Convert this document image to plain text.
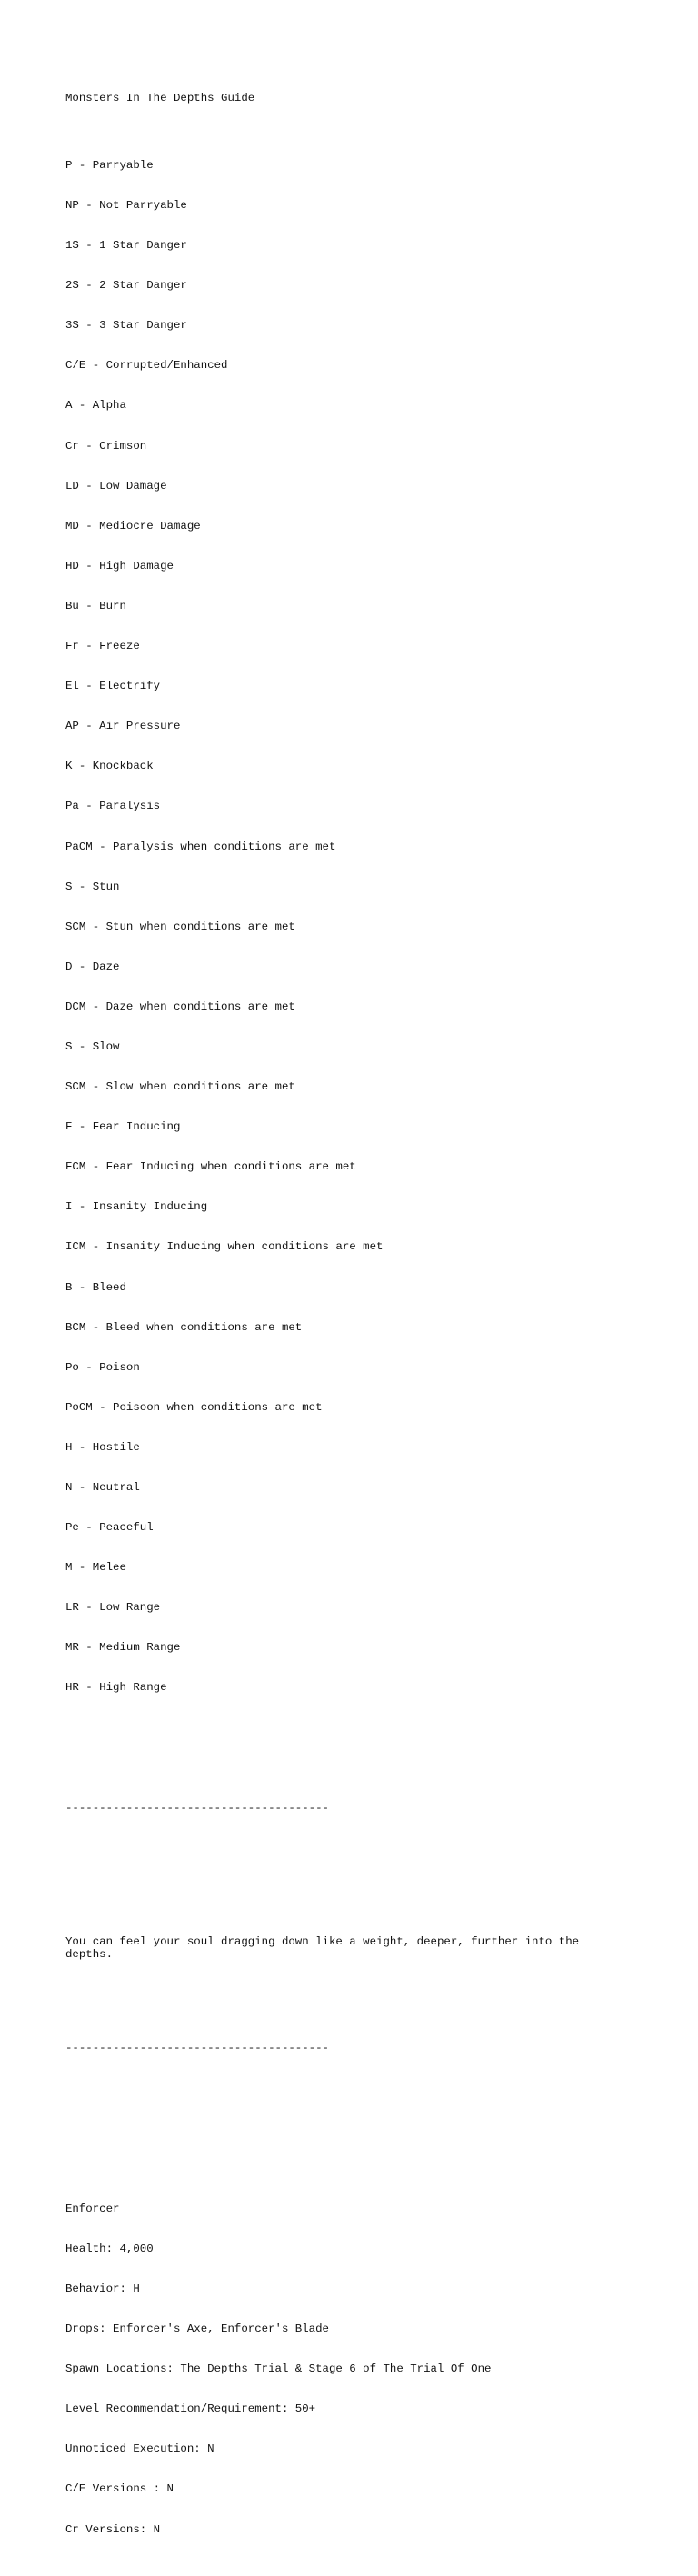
Monsters In The Depths Guide

P - Parryable

NP - Not Parryable

1S - 1 Star Danger

2S - 2 Star Danger

3S - 3 Star Danger

C/E - Corrupted/Enhanced

A - Alpha

Cr - Crimson

LD - Low Damage

MD - Mediocre Damage

HD - High Damage

Bu - Burn

Fr - Freeze

El - Electrify

AP - Air Pressure

K - Knockback

Pa - Paralysis

PaCM - Paralysis when conditions are met

S - Stun

SCM - Stun when conditions are met

D - Daze

DCM - Daze when conditions are met

S - Slow

SCM - Slow when conditions are met

F - Fear Inducing

FCM - Fear Inducing when conditions are met

I - Insanity Inducing

ICM - Insanity Inducing when conditions are met

B - Bleed

BCM - Bleed when conditions are met

Po - Poison

PoCM - Poisoon when conditions are met

H - Hostile

N - Neutral

Pe - Peaceful

M - Melee

LR - Low Range

MR - Medium Range

HR - High Range

---------------------------------------

You can feel your soul dragging down like a weight, deeper, further into the depths.

---------------------------------------

Enforcer

Health: 4,000

Behavior: H

Drops: Enforcer's Axe, Enforcer's Blade

Spawn Locations: The Depths Trial & Stage 6 of The Trial Of One

Level Recommendation/Requirement: 50+

Unnoticed Execution: N

C/E Versions : N

Cr Versions: N
